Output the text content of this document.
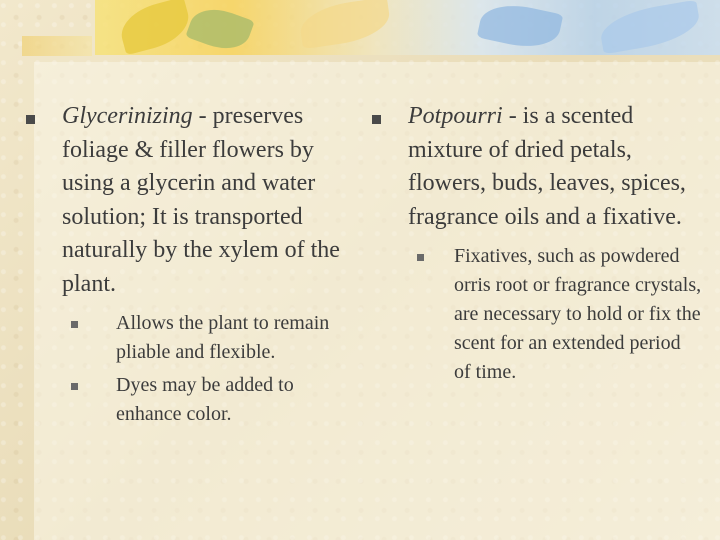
Glycerinizing - preserves foliage & filler flowers by using a glycerin and water solution; It is transported naturally by the xylem of the plant.
Allows the plant to remain pliable and flexible.
Dyes may be added to enhance color.
Potpourri - is a scented mixture of dried petals, flowers, buds, leaves, spices, fragrance oils and a fixative.
Fixatives, such as powdered orris root or fragrance crystals, are necessary to hold or fix the scent for an extended period of time.
